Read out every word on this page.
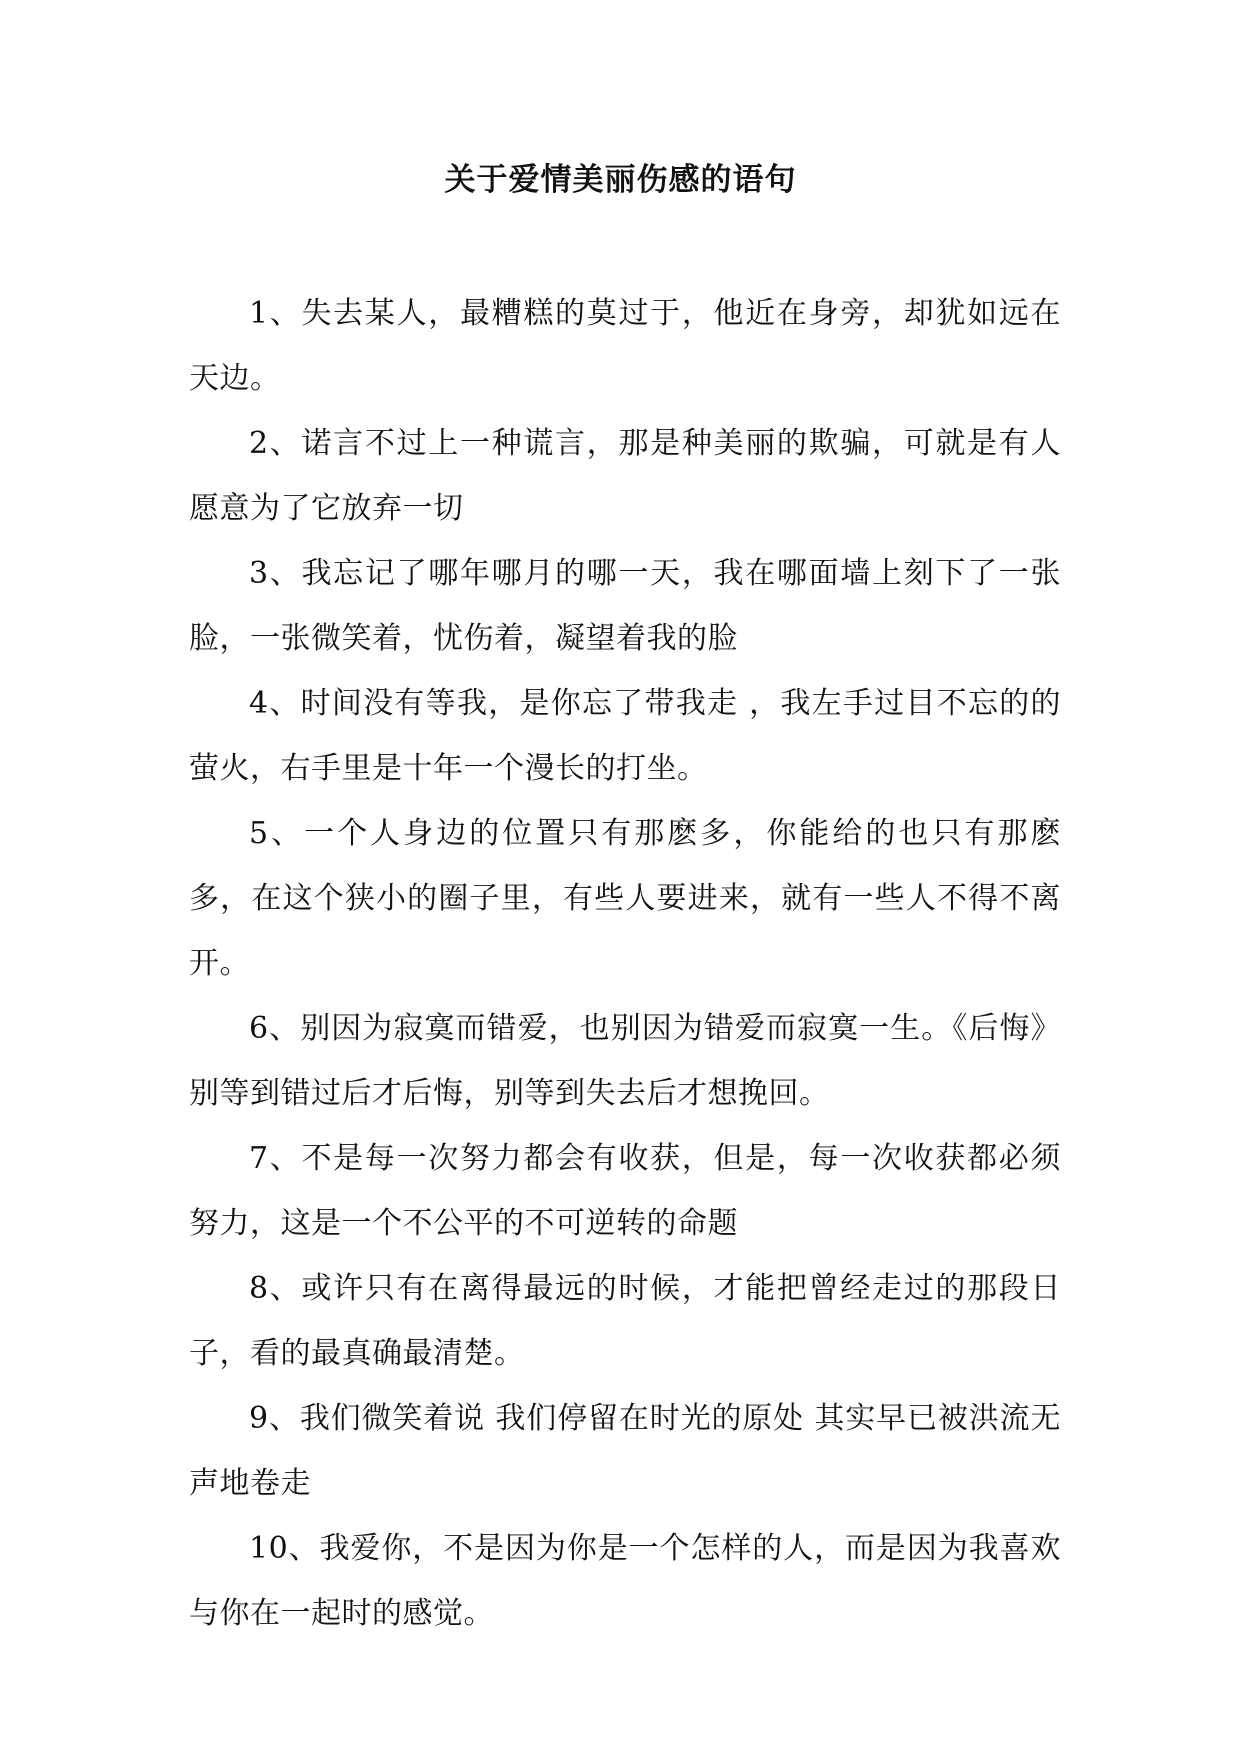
关于爱情美丽伤感的语句

1、失去某人，最糟糕的莫过于，他近在身旁，却犹如远在天边。

2、诺言不过上一种谎言，那是种美丽的欺骗，可就是有人愿意为了它放弃一切

3、我忘记了哪年哪月的哪一天，我在哪面墙上刻下了一张脸，一张微笑着，忧伤着，凝望着我的脸

4、时间没有等我，是你忘了带我走 ，我左手过目不忘的的萤火，右手里是十年一个漫长的打坐。

5、一个人身边的位置只有那麽多，你能给的也只有那麽多，在这个狭小的圈子里，有些人要进来，就有一些人不得不离开。

6、别因为寂寞而错爱，也别因为错爱而寂寞一生。《后悔》别等到错过后才后悔，别等到失去后才想挽回。

7、不是每一次努力都会有收获，但是，每一次收获都必须努力，这是一个不公平的不可逆转的命题

8、或许只有在离得最远的时候，才能把曾经走过的那段日子，看的最真确最清楚。

9、我们微笑着说 我们停留在时光的原处 其实早已被洪流无声地卷走

10、我爱你，不是因为你是一个怎样的人，而是因为我喜欢与你在一起时的感觉。
